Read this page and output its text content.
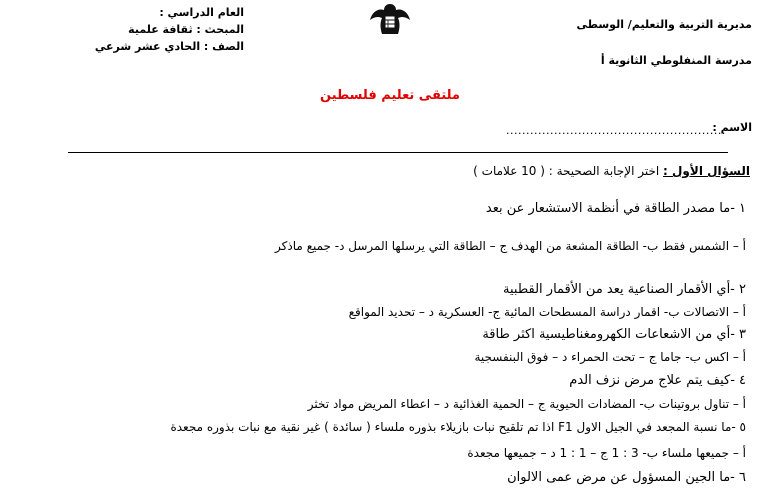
مديرية التربية والتعليم/ الوسطى
مدرسة المنفلوطي الثانوية أ
العام الدراسي :
المبحث : ثقافة علمية
الصف : الحادي عشر شرعي
ملتقى تعليم فلسطين
الاسم :
.......................................................
السؤال الأول : اختر الإجابة الصحيحة : ( 10 علامات )
١ -ما مصدر الطاقة في أنظمة الاستشعار عن بعد
أ – الشمس فقط ب- الطاقة المشعة من الهدف ج – الطاقة التي يرسلها المرسل د- جميع ماذكر
٢ -أي الأقمار الصناعية يعد من الأقمار القطبية
أ – الاتصالات ب- اقمار دراسة المسطحات المائية ج- العسكرية د – تحديد المواقع
٣ -أي من الاشعاعات الكهرومغناطيسية اكثر طاقة
أ – اكس ب- جاما ج – تحت الحمراء د – فوق البنفسجية
٤ -كيف يتم علاج مرض نزف الدم
أ – تناول بروتينات ب- المضادات الحيوية ج – الحمية الغذائية د – اعطاء المريض مواد تخثر
٥ -ما نسبة المجعد في الجيل الاول F1 اذا تم تلقيح نبات بازيلاء بذوره ملساء ( سائدة ) غير نقية مع نبات بذوره مجعدة
أ – جميعها ملساء ب- 3 : 1 ج – 1 : 1 د – جميعها مجعدة
٦ -ما الجين المسؤول عن مرض عمى الالوان
